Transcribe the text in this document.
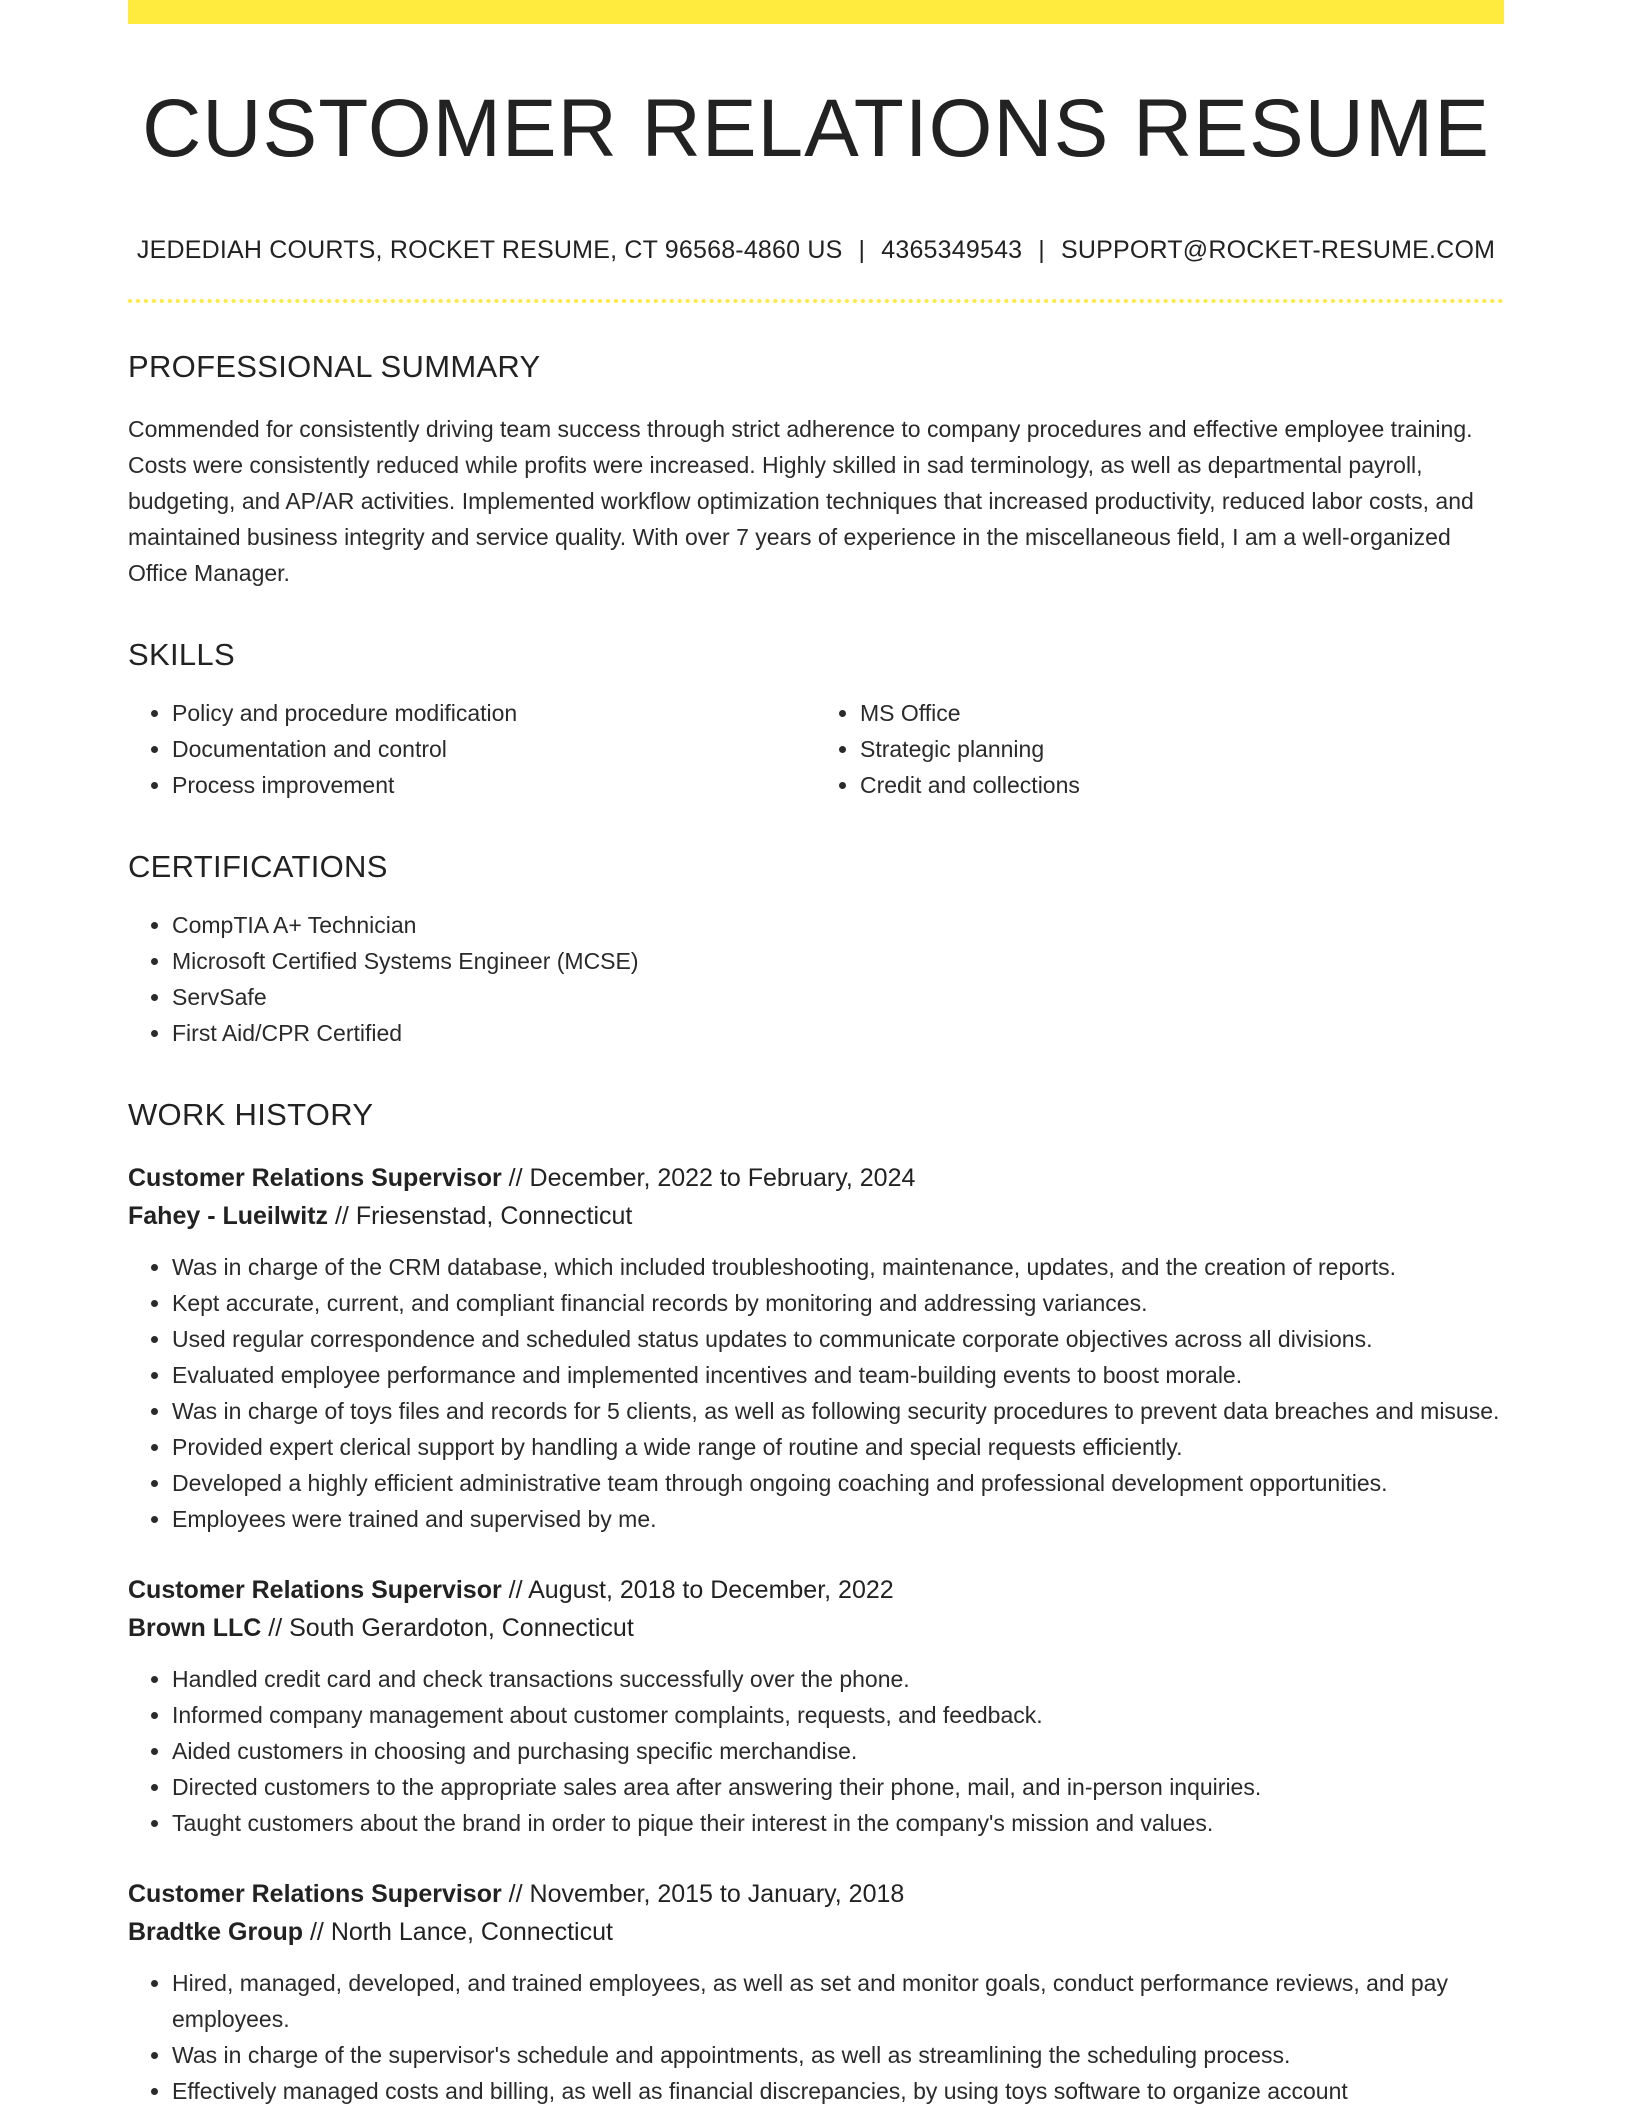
CUSTOMER RELATIONS RESUME
JEDEDIAH COURTS, ROCKET RESUME, CT 96568-4860 US | 4365349543 | SUPPORT@ROCKET-RESUME.COM
PROFESSIONAL SUMMARY

Commended for consistently driving team success through strict adherence to company procedures and effective employee training. Costs were consistently reduced while profits were increased. Highly skilled in sad terminology, as well as departmental payroll, budgeting, and AP/AR activities. Implemented workflow optimization techniques that increased productivity, reduced labor costs, and maintained business integrity and service quality. With over 7 years of experience in the miscellaneous field, I am a well-organized Office Manager.

SKILLS
• Policy and procedure modification
• Documentation and control
• Process improvement
• MS Office
• Strategic planning
• Credit and collections
CERTIFICATIONS
• CompTIA A+ Technician
• Microsoft Certified Systems Engineer (MCSE)
• ServSafe
• First Aid/CPR Certified
WORK HISTORY
Customer Relations Supervisor // December, 2022 to February, 2024
Fahey - Lueilwitz // Friesenstad, Connecticut
• Was in charge of the CRM database, which included troubleshooting, maintenance, updates, and the creation of reports.
• Kept accurate, current, and compliant financial records by monitoring and addressing variances.
• Used regular correspondence and scheduled status updates to communicate corporate objectives across all divisions.
• Evaluated employee performance and implemented incentives and team-building events to boost morale.
• Was in charge of toys files and records for 5 clients, as well as following security procedures to prevent data breaches and misuse.
• Provided expert clerical support by handling a wide range of routine and special requests efficiently.
• Developed a highly efficient administrative team through ongoing coaching and professional development opportunities.
• Employees were trained and supervised by me.
Customer Relations Supervisor // August, 2018 to December, 2022
Brown LLC // South Gerardoton, Connecticut
• Handled credit card and check transactions successfully over the phone.
• Informed company management about customer complaints, requests, and feedback.
• Aided customers in choosing and purchasing specific merchandise.
• Directed customers to the appropriate sales area after answering their phone, mail, and in-person inquiries.
• Taught customers about the brand in order to pique their interest in the company's mission and values.
Customer Relations Supervisor // November, 2015 to January, 2018
Bradtke Group // North Lance, Connecticut
• Hired, managed, developed, and trained employees, as well as set and monitor goals, conduct performance reviews, and pay employees.
• Was in charge of the supervisor's schedule and appointments, as well as streamlining the scheduling process.
• Effectively managed costs and billing, as well as financial discrepancies, by using toys software to organize account
